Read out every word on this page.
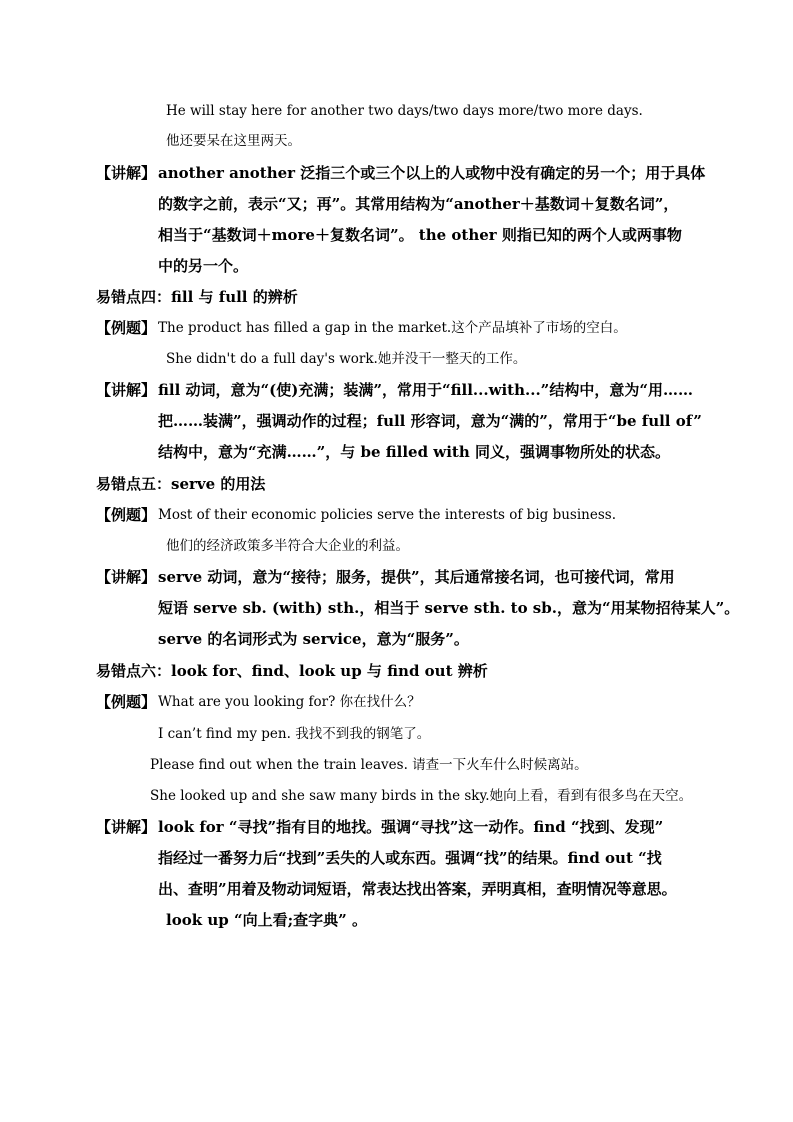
He will stay here for another two days/two days more/two more days.
他还要呆在这里两天。
【讲解】 another another 泛指三个或三个以上的人或物中没有确定的另一个；用于具体
的数字之前，表示“又；再”。其常用结构为“another＋基数词＋复数名词”，
相当于“基数词＋more＋复数名词”。 the other 则指已知的两个人或两事物
中的另一个。
易错点四：fill 与 full 的辨析
【例题】 The product has filled a gap in the market.这个产品填补了市场的空白。
She didn't do a full day's work.她并没干一整天的工作。
【讲解】 fill 动词，意为“(使)充满；装满”，常用于“fill...with...”结构中，意为“用……
把……装满”，强调动作的过程；full 形容词，意为“满的”，常用于“be full of”
结构中，意为“充满……”，与 be filled with 同义，强调事物所处的状态。
易错点五：serve 的用法
【例题】 Most of their economic policies serve the interests of big business.
他们的经济政策多半符合大企业的利益。
【讲解】 serve 动词，意为“接待；服务，提供”，其后通常接名词，也可接代词，常用
短语 serve sb. (with) sth.，相当于 serve sth. to sb.，意为“用某物招待某人”。
serve 的名词形式为 service，意为“服务”。
易错点六：look for、find、look up 与 find out 辨析
【例题】 What are you looking for? 你在找什么？
I can’t find my pen. 我找不到我的钢笔了。
Please find out when the train leaves. 请查一下火车什么时候离站。
She looked up and she saw many birds in the sky.她向上看，看到有很多鸟在天空。
【讲解】 look for “寻找”指有目的地找。强调“寻找”这一动作。find “找到、发现”
指经过一番努力后“找到”丢失的人或东西。强调“找”的结果。find out “找
出、查明”用着及物动词短语，常表达找出答案，弄明真相，查明情况等意思。
look up “向上看;查字典” 。
